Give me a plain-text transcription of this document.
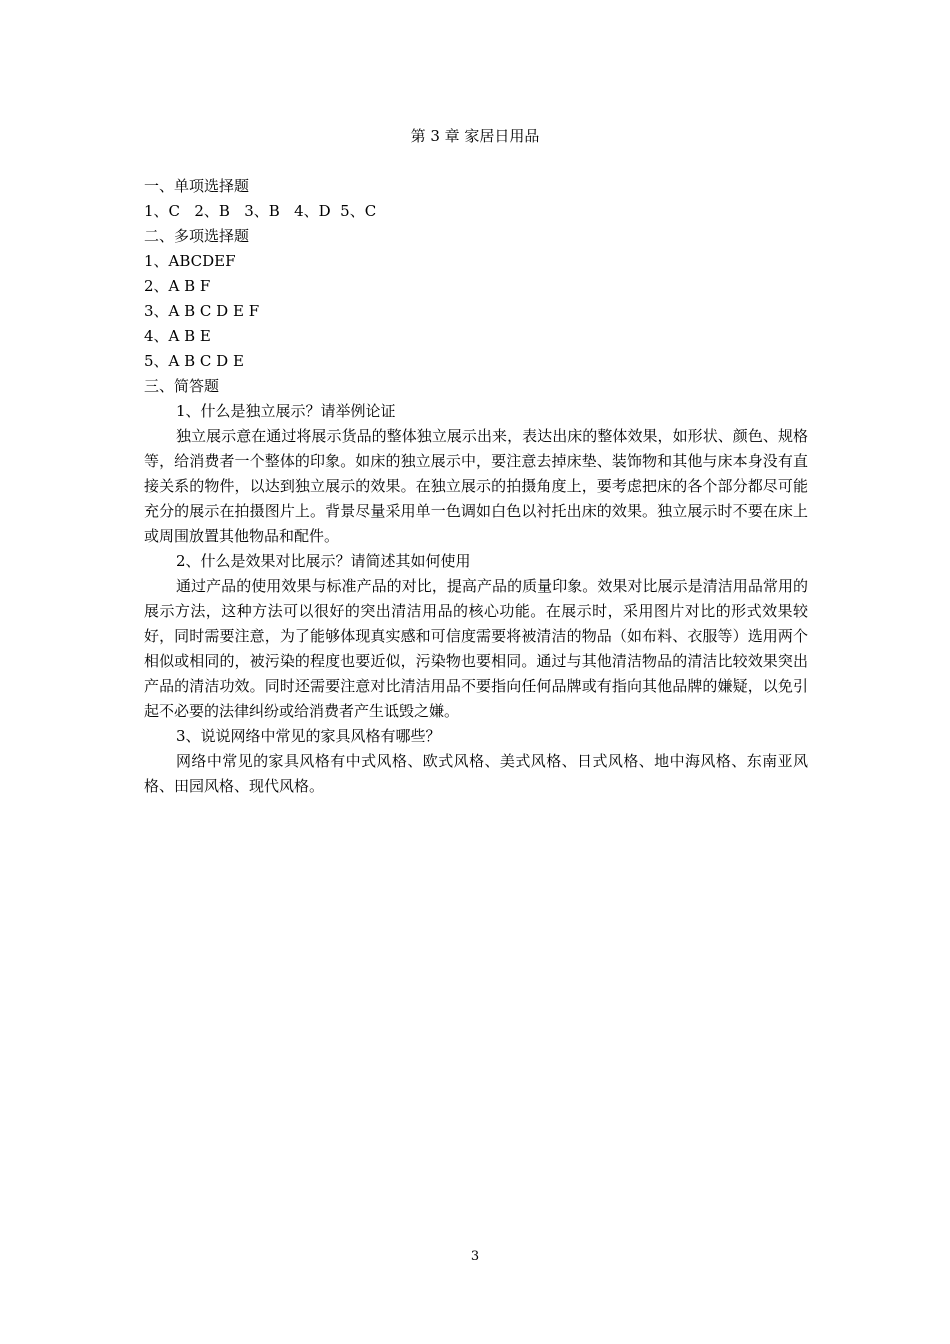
第 3 章 家居日用品

一、单项选择题

1、C   2、B   3、B   4、D  5、C

二、多项选择题

1、ABCDEF

2、A B F

3、A B C D E F

4、A B E

5、A B C D E

三、简答题

1、什么是独立展示？请举例论证

独立展示意在通过将展示货品的整体独立展示出来，表达出床的整体效果，如形状、颜色、规格等，给消费者一个整体的印象。如床的独立展示中，要注意去掉床垫、装饰物和其他与床本身没有直接关系的物件，以达到独立展示的效果。在独立展示的拍摄角度上，要考虑把床的各个部分都尽可能充分的展示在拍摄图片上。背景尽量采用单一色调如白色以衬托出床的效果。独立展示时不要在床上或周围放置其他物品和配件。

2、什么是效果对比展示？请简述其如何使用

通过产品的使用效果与标准产品的对比，提高产品的质量印象。效果对比展示是清洁用品常用的展示方法，这种方法可以很好的突出清洁用品的核心功能。在展示时，采用图片对比的形式效果较好，同时需要注意，为了能够体现真实感和可信度需要将被清洁的物品（如布料、衣服等）选用两个相似或相同的，被污染的程度也要近似，污染物也要相同。通过与其他清洁物品的清洁比较效果突出产品的清洁功效。同时还需要注意对比清洁用品不要指向任何品牌或有指向其他品牌的嫌疑，以免引起不必要的法律纠纷或给消费者产生诋毁之嫌。

3、说说网络中常见的家具风格有哪些？

网络中常见的家具风格有中式风格、欧式风格、美式风格、日式风格、地中海风格、东南亚风格、田园风格、现代风格。

3
